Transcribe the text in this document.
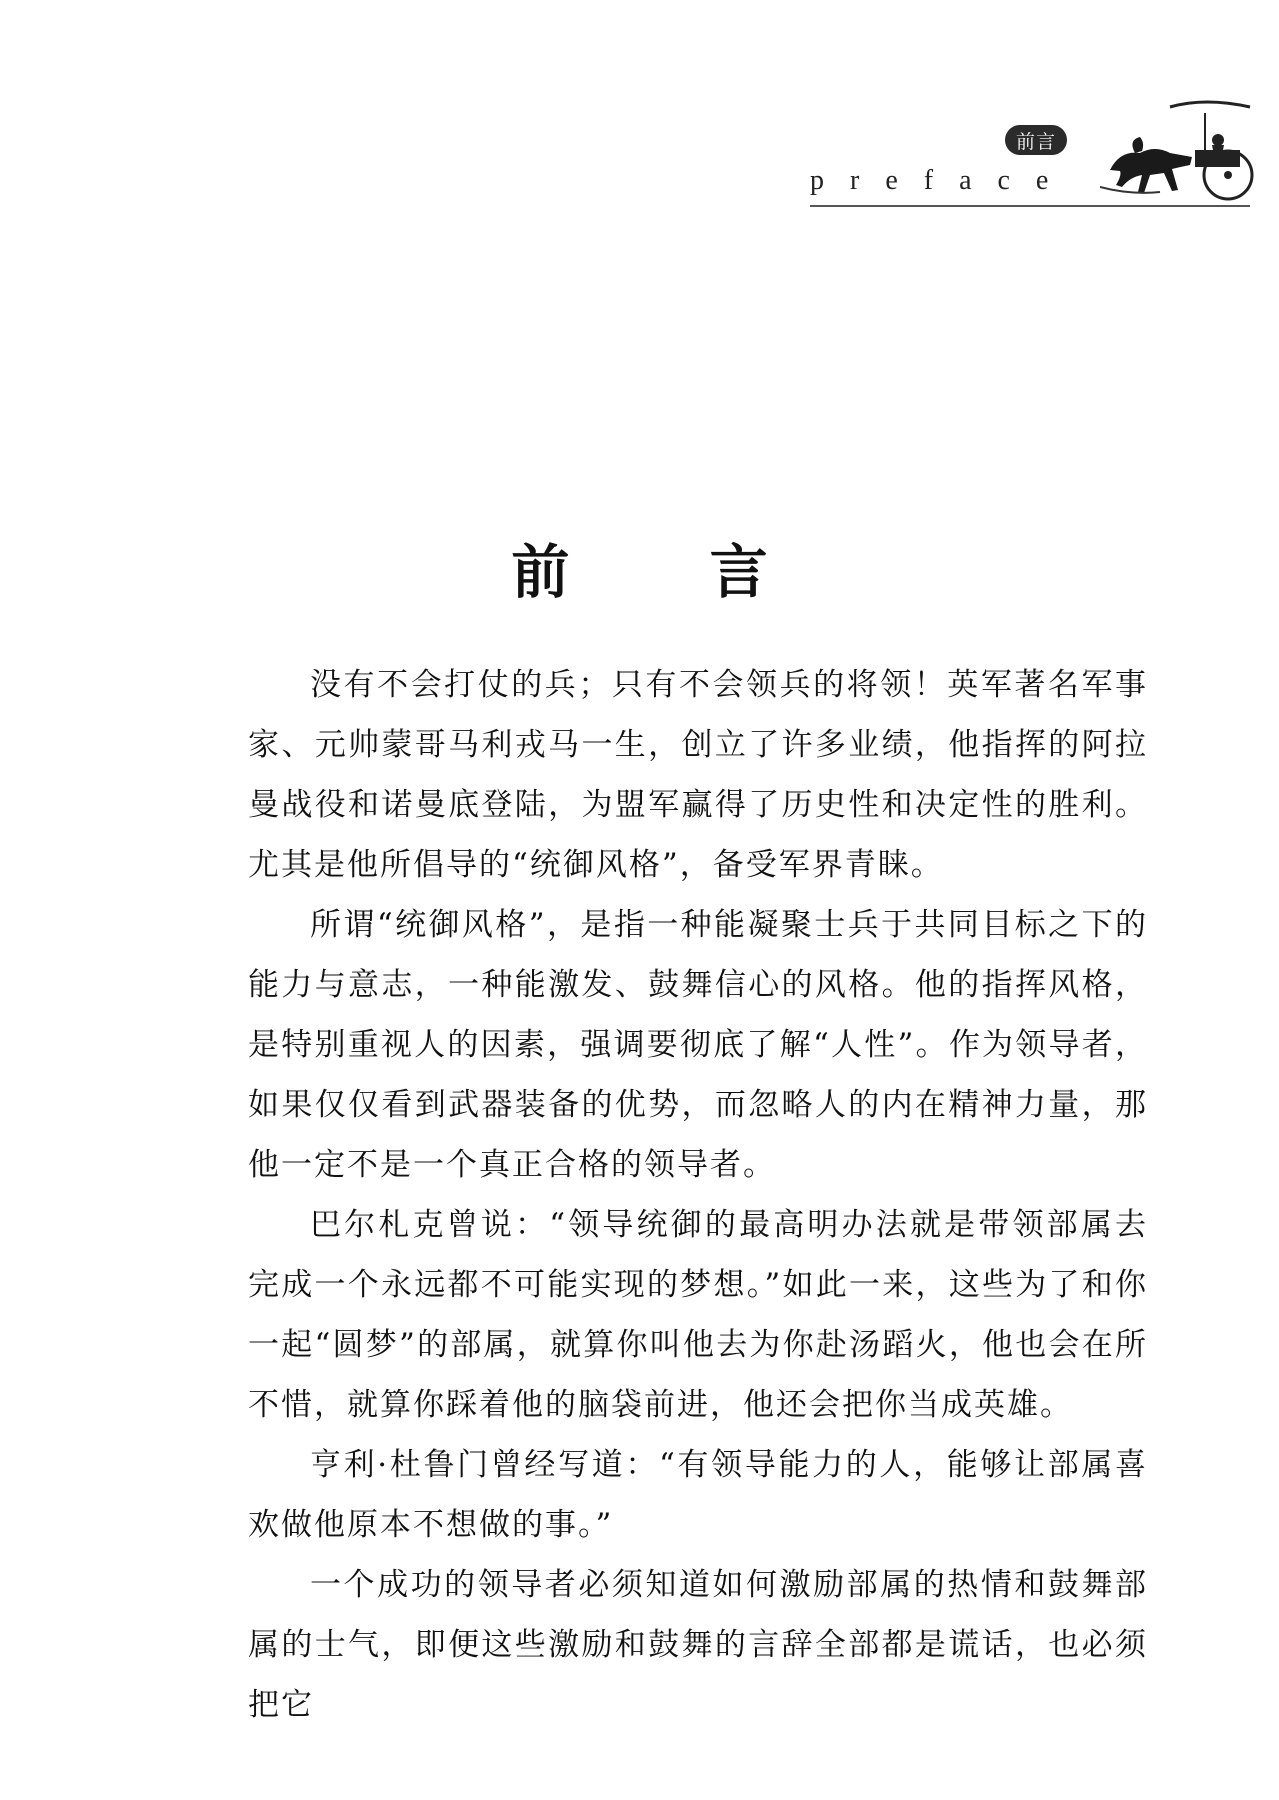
前言
preface
前 言

没有不会打仗的兵；只有不会领兵的将领！英军著名军事家、元帅蒙哥马利戎马一生，创立了许多业绩，他指挥的阿拉曼战役和诺曼底登陆，为盟军赢得了历史性和决定性的胜利。尤其是他所倡导的“统御风格”，备受军界青睐。

所谓“统御风格”，是指一种能凝聚士兵于共同目标之下的能力与意志，一种能激发、鼓舞信心的风格。他的指挥风格，是特别重视人的因素，强调要彻底了解“人性”。作为领导者，如果仅仅看到武器装备的优势，而忽略人的内在精神力量，那他一定不是一个真正合格的领导者。

巴尔札克曾说：“领导统御的最高明办法就是带领部属去完成一个永远都不可能实现的梦想。”如此一来，这些为了和你一起“圆梦”的部属，就算你叫他去为你赴汤蹈火，他也会在所不惜，就算你踩着他的脑袋前进，他还会把你当成英雄。

亨利·杜鲁门曾经写道：“有领导能力的人，能够让部属喜欢做他原本不想做的事。”

一个成功的领导者必须知道如何激励部属的热情和鼓舞部属的士气，即便这些激励和鼓舞的言辞全部都是谎话，也必须把它
